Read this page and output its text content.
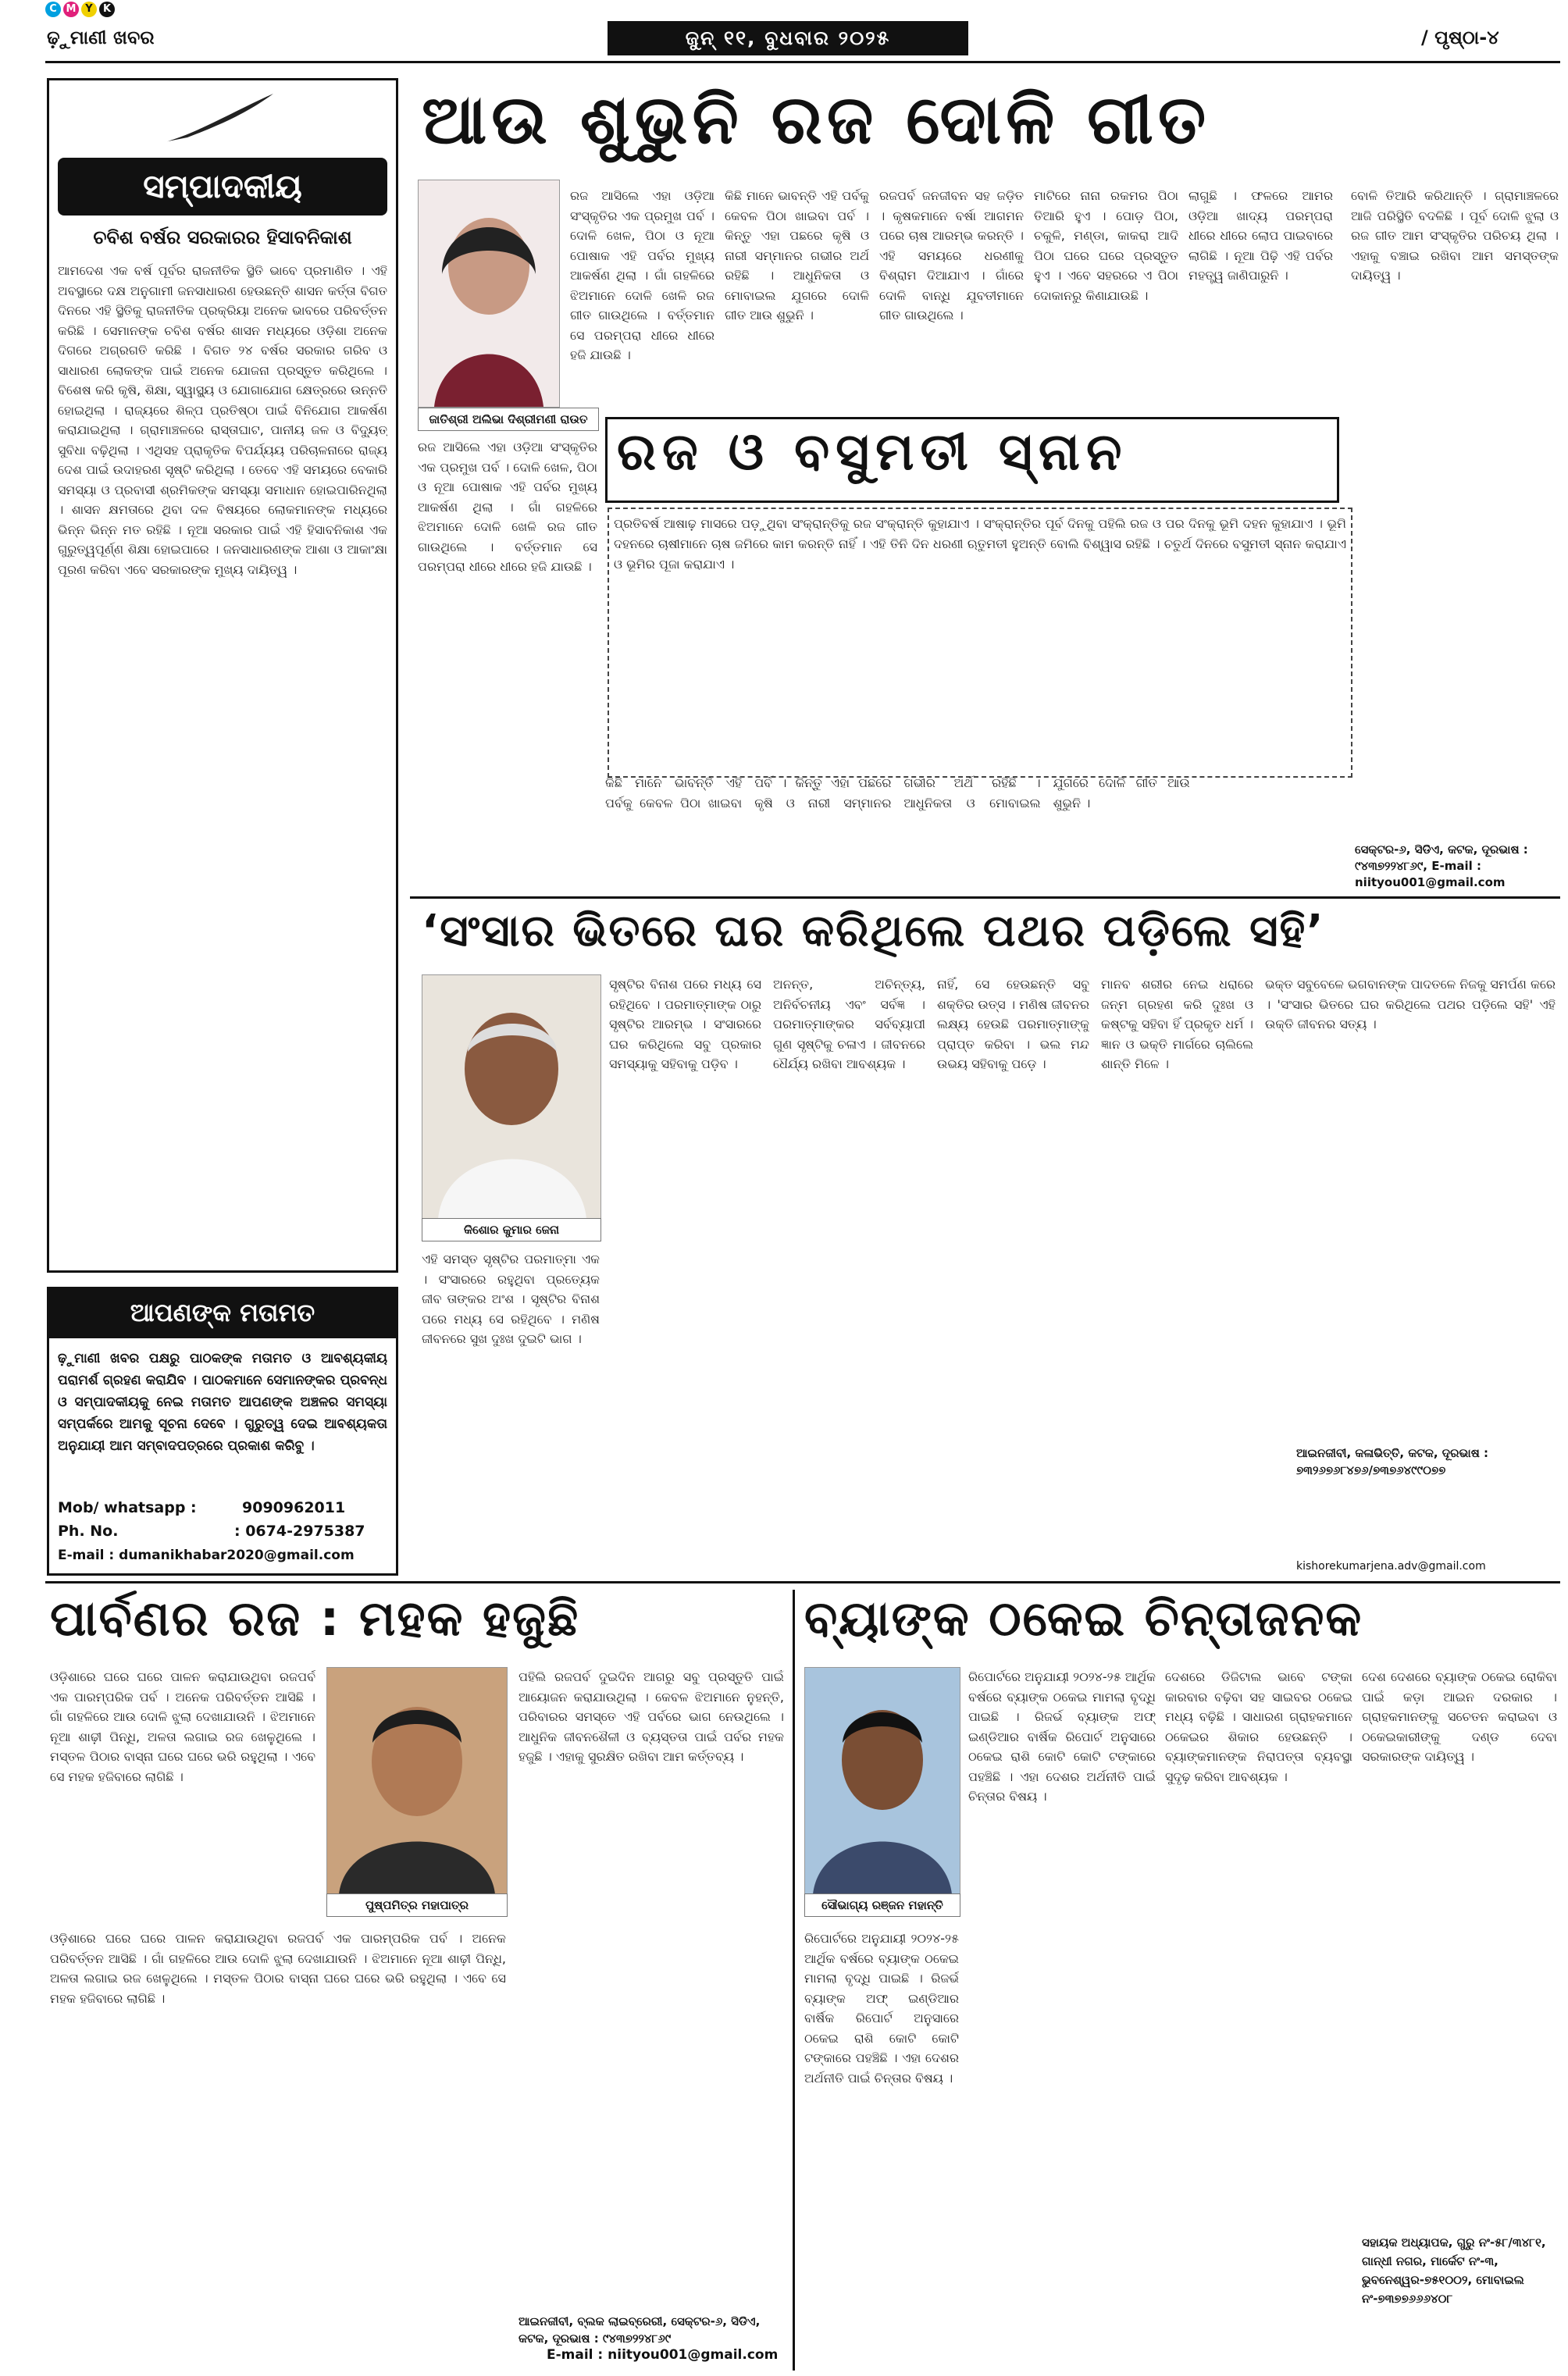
C M Y	K
ଢ଼ୁମାଣୀ ଖବର	ଜୁନ୍ ୧୧, ବୁଧବାର ୨୦୨୫	/ ପୃଷ୍ଠା-୪
ସମ୍ପାଦକୀୟ
ଚବିଶ ବର୍ଷର ସରକାରର ହିସାବନିକାଶ
ଆମଦେଶ ଏକ ବର୍ଷ ପୂର୍ବର ରାଜନୀତିକ ସ୍ଥିତି ଭାବେ ପ୍ରମାଣିତ । ଏହି ଅବସ୍ଥାରେ ଦକ୍ଷ ଅନୁଗାମୀ ଜନସାଧାରଣ ହେଉଛନ୍ତି ଶାସନ କର୍ତ୍ତା ବିଗତ ଦିନରେ ଏହି ସ୍ଥିତିକୁ ରାଜନୀତିକ ପ୍ରକ୍ରିୟା ଅନେକ ଭାବରେ ପରିବର୍ତ୍ତନ କରିଛି । ସେମାନଙ୍କ ଚବିଶ ବର୍ଷର ଶାସନ ମଧ୍ୟରେ ଓଡ଼ିଶା ଅନେକ ଦିଗରେ ଅଗ୍ରଗତି କରିଛି । ବିଗତ ୨୪ ବର୍ଷର ସରକାର ଗରିବ ଓ ସାଧାରଣ ଲୋକଙ୍କ ପାଇଁ ଅନେକ ଯୋଜନା ପ୍ରସ୍ତୁତ କରିଥିଲେ । ବିଶେଷ କରି କୃଷି, ଶିକ୍ଷା, ସ୍ୱାସ୍ଥ୍ୟ ଓ ଯୋଗାଯୋଗ କ୍ଷେତ୍ରରେ ଉନ୍ନତି ହୋଇଥିଲା । ରାଜ୍ୟରେ ଶିଳ୍ପ ପ୍ରତିଷ୍ଠା ପାଇଁ ବିନିଯୋଗ ଆକର୍ଷଣ କରାଯାଇଥିଲା । ଗ୍ରାମାଞ୍ଚଳରେ ରାସ୍ତାଘାଟ, ପାନୀୟ ଜଳ ଓ ବିଦ୍ୟୁତ୍ ସୁବିଧା ବଢ଼ିଥିଲା । ଏଥିସହ ପ୍ରାକୃତିକ ବିପର୍ଯ୍ୟୟ ପରିଚାଳନାରେ ରାଜ୍ୟ ଦେଶ ପାଇଁ ଉଦାହରଣ ସୃଷ୍ଟି କରିଥିଲା । ତେବେ ଏହି ସମୟରେ ବେକାରି ସମସ୍ୟା ଓ ପ୍ରବାସୀ ଶ୍ରମିକଙ୍କ ସମସ୍ୟା ସମାଧାନ ହୋଇପାରିନଥିଲା । ଶାସନ କ୍ଷମତାରେ ଥିବା ଦଳ ବିଷୟରେ ଲୋକମାନଙ୍କ ମଧ୍ୟରେ ଭିନ୍ନ ଭିନ୍ନ ମତ ରହିଛି । ନୂଆ ସରକାର ପାଇଁ ଏହି ହିସାବନିକାଶ ଏକ ଗୁରୁତ୍ୱପୂର୍ଣ୍ଣ ଶିକ୍ଷା ହୋଇପାରେ । ଜନସାଧାରଣଙ୍କ ଆଶା ଓ ଆକାଂକ୍ଷା ପୂରଣ କରିବା ଏବେ ସରକାରଙ୍କ ମୁଖ୍ୟ ଦାୟିତ୍ୱ ।
ଆପଣଙ୍କ ମତାମତ
ଢ଼ୁମାଣୀ ଖବର ପକ୍ଷରୁ ପାଠକଙ୍କ ମତାମତ ଓ ଆବଶ୍ୟକୀୟ ପରାମର୍ଶ ଗ୍ରହଣ କରାଯିବ । ପାଠକମାନେ ସେମାନଙ୍କର ପ୍ରବନ୍ଧ ଓ ସମ୍ପାଦକୀୟକୁ ନେଇ ମତାମତ ଆପଣଙ୍କ ଅଞ୍ଚଳର ସମସ୍ୟା ସମ୍ପର୍କରେ ଆମକୁ ସୂଚନା ଦେବେ । ଗୁରୁତ୍ୱ ଦେଇ ଆବଶ୍ୟକତା ଅନୁଯାୟୀ ଆମ ସମ୍ବାଦପତ୍ରରେ ପ୍ରକାଶ କରିବୁ ।
Mob/ whatsapp :	9090962011
Ph. No.	: 0674-2975387
E-mail : dumanikhabar2020@gmail.com
ଆଉ ଶୁଭୁନି ରଜ ଦୋଳି ଗୀତ
ଜାତିଶ୍ରୀ ଅଲିଭା ଦିଶ୍ରୀମଣୀ ରାଉତ
ରଜ ଆସିଲେ ଏହା ଓଡ଼ିଆ ସଂସ୍କୃତିର ଏକ ପ୍ରମୁଖ ପର୍ବ । ଦୋଳି ଖେଳ, ପିଠା ଓ ନୂଆ ପୋଷାକ ଏହି ପର୍ବର ମୁଖ୍ୟ ଆକର୍ଷଣ ଥିଲା । ଗାଁ ଗହଳିରେ ଝିଅମାନେ ଦୋଳି ଖେଳି ରଜ ଗୀତ ଗାଉଥିଲେ । ବର୍ତ୍ତମାନ ସେ ପରମ୍ପରା ଧୀରେ ଧୀରେ ହଜି ଯାଉଛି ।
କିଛି ମାନେ ଭାବନ୍ତି ଏହି ପର୍ବକୁ କେବଳ ପିଠା ଖାଇବା ପର୍ବ । କିନ୍ତୁ ଏହା ପଛରେ କୃଷି ଓ ନାରୀ ସମ୍ମାନର ଗଭୀର ଅର୍ଥ ରହିଛି । ଆଧୁନିକତା ଓ ମୋବାଇଲ ଯୁଗରେ ଦୋଳି ଗୀତ ଆଉ ଶୁଭୁନି ।
ରଜପର୍ବ ଜନଜୀବନ ସହ ଜଡ଼ିତ । କୃଷକମାନେ ବର୍ଷା ଆଗମନ ପରେ ଚାଷ ଆରମ୍ଭ କରନ୍ତି । ଏହି ସମୟରେ ଧରଣୀକୁ ବିଶ୍ରାମ ଦିଆଯାଏ । ଗାଁରେ ଦୋଳି ବାନ୍ଧି ଯୁବତୀମାନେ ଗୀତ ଗାଉଥିଲେ ।
ମାଟିରେ ନାନା ରକମର ପିଠା ତିଆରି ହୁଏ । ପୋଡ଼ ପିଠା, ଚକୁଳି, ମଣ୍ଡା, କାକରା ଆଦି ପିଠା ଘରେ ଘରେ ପ୍ରସ୍ତୁତ ହୁଏ । ଏବେ ସହରରେ ଏ ପିଠା ଦୋକାନରୁ କିଣାଯାଉଛି ।
ଲାଗୁଛି । ଫଳରେ ଆମର ଓଡ଼ିଆ ଖାଦ୍ୟ ପରମ୍ପରା ଧୀରେ ଧୀରେ ଲୋପ ପାଇବାରେ ଲାଗିଛି । ନୂଆ ପିଢ଼ି ଏହି ପର୍ବର ମହତ୍ତ୍ୱ ଜାଣିପାରୁନି ।
ବୋଳି ତିଆରି କରିଥାନ୍ତି । ଗ୍ରାମାଞ୍ଚଳରେ ଆଜି ପରିସ୍ଥିତି ବଦଳିଛି । ପୂର୍ବ ଦୋଳି ଝୁଲା ଓ ରଜ ଗୀତ ଆମ ସଂସ୍କୃତିର ପରିଚୟ ଥିଲା । ଏହାକୁ ବଞ୍ଚାଇ ରଖିବା ଆମ ସମସ୍ତଙ୍କ ଦାୟିତ୍ୱ ।
ରଜ ଓ ବସୁମତୀ ସ୍ନାନ
ପ୍ରତିବର୍ଷ ଆଷାଢ଼ ମାସରେ ପଡ଼ୁଥିବା ସଂକ୍ରାନ୍ତିକୁ ରଜ ସଂକ୍ରାନ୍ତି କୁହାଯାଏ । ସଂକ୍ରାନ୍ତିର ପୂର୍ବ ଦିନକୁ ପହିଲି ରଜ ଓ ପର ଦିନକୁ ଭୂମି ଦହନ କୁହାଯାଏ । ଭୂମି ଦହନରେ ଚାଷୀମାନେ ଚାଷ ଜମିରେ କାମ କରନ୍ତି ନାହିଁ । ଏହି ତିନି ଦିନ ଧରଣୀ ଋତୁମତୀ ହୁଅନ୍ତି ବୋଲି ବିଶ୍ୱାସ ରହିଛି । ଚତୁର୍ଥ ଦିନରେ ବସୁମତୀ ସ୍ନାନ କରାଯାଏ ଓ ଭୂମିର ପୂଜା କରାଯାଏ ।
ରଜ ଆସିଲେ ଏହା ଓଡ଼ିଆ ସଂସ୍କୃତିର ଏକ ପ୍ରମୁଖ ପର୍ବ । ଦୋଳି ଖେଳ, ପିଠା ଓ ନୂଆ ପୋଷାକ ଏହି ପର୍ବର ମୁଖ୍ୟ ଆକର୍ଷଣ ଥିଲା । ଗାଁ ଗହଳିରେ ଝିଅମାନେ ଦୋଳି ଖେଳି ରଜ ଗୀତ ଗାଉଥିଲେ । ବର୍ତ୍ତମାନ ସେ ପରମ୍ପରା ଧୀରେ ଧୀରେ ହଜି ଯାଉଛି ।
କିଛି ମାନେ ଭାବନ୍ତି ଏହି ପର୍ବକୁ କେବଳ ପିଠା ଖାଇବା ପର୍ବ । କିନ୍ତୁ ଏହା ପଛରେ କୃଷି ଓ ନାରୀ ସମ୍ମାନର ଗଭୀର ଅର୍ଥ ରହିଛି । ଆଧୁନିକତା ଓ ମୋବାଇଲ ଯୁଗରେ ଦୋଳି ଗୀତ ଆଉ ଶୁଭୁନି ।
ସେକ୍ଟର-୬, ସିଡିଏ, କଟକ, ଦୂରଭାଷ : ୯୪୩୭୨୨୪୮୬୯, E-mail : niityou001@gmail.com
‘ସଂସାର ଭିତରେ ଘର କରିଥିଲେ ପଥର ପଡ଼ିଲେ ସହି’
କିଶୋର କୁମାର ଜେନା
ଏହି ସମସ୍ତ ସୃଷ୍ଟିର ପରମାତ୍ମା ଏକ । ସଂସାରରେ ରହୁଥିବା ପ୍ରତ୍ୟେକ ଜୀବ ତାଙ୍କର ଅଂଶ । ସୃଷ୍ଟିର ବିନାଶ ପରେ ମଧ୍ୟ ସେ ରହିଥିବେ । ମଣିଷ ଜୀବନରେ ସୁଖ ଦୁଃଖ ଦୁଇଟି ଭାଗ ।
ସୃଷ୍ଟିର ବିନାଶ ପରେ ମଧ୍ୟ ସେ ରହିଥିବେ । ପରମାତ୍ମାଙ୍କ ଠାରୁ ସୃଷ୍ଟିର ଆରମ୍ଭ । ସଂସାରରେ ଘର କରିଥିଲେ ସବୁ ପ୍ରକାର ସମସ୍ୟାକୁ ସହିବାକୁ ପଡ଼ିବ ।
ଅନନ୍ତ, ଅଚିନ୍ତ୍ୟ, ଅନିର୍ବଚନୀୟ ଏବଂ ସର୍ବଜ୍ଞ । ପରମାତ୍ମାଙ୍କର ସର୍ବବ୍ୟାପୀ ଗୁଣ ସୃଷ୍ଟିକୁ ଚଳାଏ । ଜୀବନରେ ଧୈର୍ଯ୍ୟ ରଖିବା ଆବଶ୍ୟକ ।
ନାହିଁ, ସେ ହେଉଛନ୍ତି ସବୁ ଶକ୍ତିର ଉତ୍ସ । ମଣିଷ ଜୀବନର ଲକ୍ଷ୍ୟ ହେଉଛି ପରମାତ୍ମାଙ୍କୁ ପ୍ରାପ୍ତ କରିବା । ଭଲ ମନ୍ଦ ଉଭୟ ସହିବାକୁ ପଡ଼େ ।
ମାନବ ଶରୀର ନେଇ ଧରାରେ ଜନ୍ମ ଗ୍ରହଣ କରି ଦୁଃଖ ଓ କଷ୍ଟକୁ ସହିବା ହିଁ ପ୍ରକୃତ ଧର୍ମ । ଜ୍ଞାନ ଓ ଭକ୍ତି ମାର୍ଗରେ ଚାଲିଲେ ଶାନ୍ତି ମିଳେ ।
ଭକ୍ତ ସବୁବେଳେ ଭଗବାନଙ୍କ ପାଦତଳେ ନିଜକୁ ସମର୍ପଣ କରେ । 'ସଂସାର ଭିତରେ ଘର କରିଥିଲେ ପଥର ପଡ଼ିଲେ ସହି' ଏହି ଉକ୍ତି ଜୀବନର ସତ୍ୟ ।
ଆଇନଜୀବୀ, କଳାଭିତ୍ତି, କଟକ, ଦୂରଭାଷ : ୭୩୨୬୭୬୮୪୭୬/୭୩୭୬୪୯୯୦୭୭
kishorekumarjena.adv@gmail.com
ପାର୍ବଣର ରଜ : ମହକ ହଜୁଛି
ପୁଷ୍ପମିତ୍ର ମହାପାତ୍ର
ଓଡ଼ିଶାରେ ଘରେ ଘରେ ପାଳନ କରାଯାଉଥିବା ରଜପର୍ବ ଏକ ପାରମ୍ପରିକ ପର୍ବ । ଅନେକ ପରିବର୍ତ୍ତନ ଆସିଛି । ଗାଁ ଗହଳିରେ ଆଉ ଦୋଳି ଝୁଲା ଦେଖାଯାଉନି । ଝିଅମାନେ ନୂଆ ଶାଢ଼ୀ ପିନ୍ଧି, ଅଳତା ଲଗାଇ ରଜ ଖେଳୁଥିଲେ । ମସ୍ତଳ ପିଠାର ବାସ୍ନା ଘରେ ଘରେ ଭରି ରହୁଥିଲା । ଏବେ ସେ ମହକ ହଜିବାରେ ଲାଗିଛି ।
ଓଡ଼ିଶାରେ ଘରେ ଘରେ ପାଳନ କରାଯାଉଥିବା ରଜପର୍ବ ଏକ ପାରମ୍ପରିକ ପର୍ବ । ଅନେକ ପରିବର୍ତ୍ତନ ଆସିଛି । ଗାଁ ଗହଳିରେ ଆଉ ଦୋଳି ଝୁଲା ଦେଖାଯାଉନି । ଝିଅମାନେ ନୂଆ ଶାଢ଼ୀ ପିନ୍ଧି, ଅଳତା ଲଗାଇ ରଜ ଖେଳୁଥିଲେ । ମସ୍ତଳ ପିଠାର ବାସ୍ନା ଘରେ ଘରେ ଭରି ରହୁଥିଲା । ଏବେ ସେ ମହକ ହଜିବାରେ ଲାଗିଛି ।
ପହିଲି ରଜପର୍ବ ଦୁଇଦିନ ଆଗରୁ ସବୁ ପ୍ରସ୍ତୁତି ପାଇଁ ଆୟୋଜନ କରାଯାଉଥିଲା । କେବଳ ଝିଅମାନେ ନୁହନ୍ତି, ପରିବାରର ସମସ୍ତେ ଏହି ପର୍ବରେ ଭାଗ ନେଉଥିଲେ । ଆଧୁନିକ ଜୀବନଶୈଳୀ ଓ ବ୍ୟସ୍ତତା ପାଇଁ ପର୍ବର ମହକ ହଜୁଛି । ଏହାକୁ ସୁରକ୍ଷିତ ରଖିବା ଆମ କର୍ତ୍ତବ୍ୟ ।
ଆଇନଜୀବୀ, ବ୍ଲକ ଲାଇବ୍ରେରୀ, ସେକ୍ଟର-୬, ସିଡିଏ, କଟକ, ଦୂରଭାଷ : ୯୪୩୭୨୨୪୮୬୯
E-mail : niityou001@gmail.com
ବ୍ୟାଙ୍କ ଠକେଇ ଚିନ୍ତାଜନକ
ସୌଭାଗ୍ୟ ରଞ୍ଜନ ମହାନ୍ତି
ରିପୋର୍ଟରେ ଅନୁଯାୟୀ ୨୦୨୪-୨୫ ଆର୍ଥିକ ବର୍ଷରେ ବ୍ୟାଙ୍କ ଠକେଇ ମାମଲା ବୃଦ୍ଧି ପାଇଛି । ରିଜର୍ଭ ବ୍ୟାଙ୍କ ଅଫ୍ ଇଣ୍ଡିଆର ବାର୍ଷିକ ରିପୋର୍ଟ ଅନୁସାରେ ଠକେଇ ରାଶି କୋଟି କୋଟି ଟଙ୍କାରେ ପହଞ୍ଚିଛି । ଏହା ଦେଶର ଅର୍ଥନୀତି ପାଇଁ ଚିନ୍ତାର ବିଷୟ ।
ରିପୋର୍ଟରେ ଅନୁଯାୟୀ ୨୦୨୪-୨୫ ଆର୍ଥିକ ବର୍ଷରେ ବ୍ୟାଙ୍କ ଠକେଇ ମାମଲା ବୃଦ୍ଧି ପାଇଛି । ରିଜର୍ଭ ବ୍ୟାଙ୍କ ଅଫ୍ ଇଣ୍ଡିଆର ବାର୍ଷିକ ରିପୋର୍ଟ ଅନୁସାରେ ଠକେଇ ରାଶି କୋଟି କୋଟି ଟଙ୍କାରେ ପହଞ୍ଚିଛି । ଏହା ଦେଶର ଅର୍ଥନୀତି ପାଇଁ ଚିନ୍ତାର ବିଷୟ ।
ଦେଶରେ ଡିଜିଟାଲ ଭାବେ ଟଙ୍କା କାରବାର ବଢ଼ିବା ସହ ସାଇବର ଠକେଇ ମଧ୍ୟ ବଢ଼ିଛି । ସାଧାରଣ ଗ୍ରାହକମାନେ ଠକେଇର ଶିକାର ହେଉଛନ୍ତି । ବ୍ୟାଙ୍କମାନଙ୍କ ନିରାପତ୍ତା ବ୍ୟବସ୍ଥା ସୁଦୃଢ଼ କରିବା ଆବଶ୍ୟକ ।
ଦେଶ ଦେଶରେ ବ୍ୟାଙ୍କ ଠକେଇ ରୋକିବା ପାଇଁ କଡ଼ା ଆଇନ ଦରକାର । ଗ୍ରାହକମାନଙ୍କୁ ସଚେତନ କରାଇବା ଓ ଠକେଇକାରୀଙ୍କୁ ଦଣ୍ଡ ଦେବା ସରକାରଙ୍କ ଦାୟିତ୍ୱ ।
ସହାୟକ ଅଧ୍ୟାପକ, ଗୁରୁ ନଂ-୫୮/୩୪୮୧, ଗାନ୍ଧୀ ନଗର, ମାର୍କେଟ ନଂ-୩, ଭୁବନେଶ୍ୱର-୭୫୧୦୦୨, ମୋବାଇଲ ନଂ-୭୩୭୭୬୬୬୪୦୮
